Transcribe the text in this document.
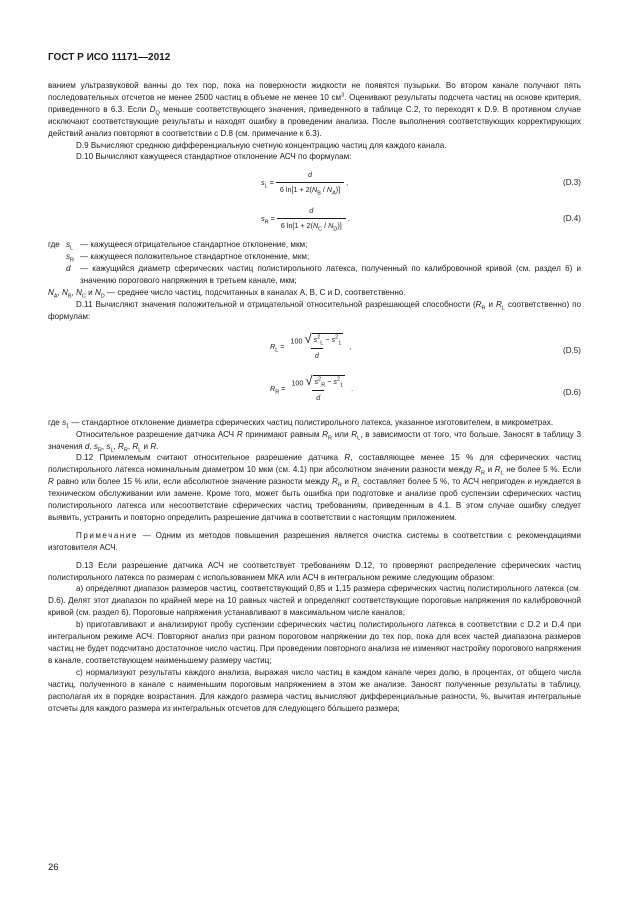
ГОСТ Р ИСО 11171—2012

ванием ультразвуковой ванны до тех пор, пока на поверхности жидкости не появятся пузырьки. Во втором канале получают пять последовательных отсчетов не менее 2500 частиц в объеме не менее 10 $см^3$. Оценивают результаты подсчета частиц на основе критерия, приведенного в 6.3. Если $D_Q$ меньше соответствующего значения, приведенного в таблице С.2, то переходят к D.9. В противном случае исключают соответствующие результаты и находят ошибку в проведении анализа. После выполнения соответствующих корректирующих действий анализ повторяют в соответствии с D.8 (см. примечание к 6.3).

D.9 Вычисляют среднюю дифференциальную счетную концентрацию частиц для каждого канала.

D.10 Вычисляют кажущееся стандартное отклонение АСЧ по формулам:

$s_L = \frac{d}{6 \ln[1 + 2(N_B / N_A)]}$ ,	(D.3)
$s_R = \frac{d}{6 \ln[1 + 2(N_C / N_D)]}$ .	(D.4)
где $s_L$ — кажущееся отрицательное стандартное отклонение, мкм;
$s_R$ — кажущееся положительное стандартное отклонение, мкм;
d	— кажущийся диаметр сферических частиц полистирольного латекса, полученный по калибровочной кривой (см. раздел 6) и значению порогового напряжения в третьем канале, мкм;

$N_A$, $N_B$, $N_C$ и $N_D$ — среднее число частиц, подсчитанных в каналах А, В, С и D, соответственно.

D.11 Вычисляют значения положительной и отрицательной относительной разрешающей способности ($R_R$ и $R_L$ соответственно) по формулам:

$R_L = \frac{100 √ s^2_L - s^2_1}{d}$ ,	(D.5)
$R_R = \frac{100 √ s^2_R - s^2_1}{d}$ .	(D.6)

где $s_1$ — стандартное отклонение диаметра сферических частиц полистирольного латекса, указанное изготовителем, в микрометрах.

Относительное разрешение датчика АСЧ R принимают равным $R_R$ или $R_L$, в зависимости от того, что больше. Заносят в таблицу 3 значения d, $s_R$, $s_L$, $R_R$, $R_L$ и R.

D.12 Приемлемым считают относительное разрешение датчика R, составляющее менее 15 % для сферических частиц полистирольного латекса номинальным диаметром 10 мкм (см. 4.1) при абсолютном значении разности между $R_R$ и $R_L$ не более 5 %. Если R равно или более 15 % или, если абсолютное значение разности между $R_R$ и $R_L$ составляет более 5 %, то АСЧ непригоден и нуждается в техническом обслуживании или замене. Кроме того, может быть ошибка при подготовке и анализе проб суспензии сферических частиц полистирольного латекса или несоответствие сферических частиц требованиям, приведенным в 4.1. В этом случае ошибку следует выявить, устранить и повторно определить разрешение датчика в соответствии с настоящим приложением.

Примечание — Одним из методов повышения разрешения является очистка системы в соответствии с рекомендациями изготовителя АСЧ.

D.13 Если разрешение датчика АСЧ не соответствует требованиям D.12, то проверяют распределение сферических частиц полистирольного латекса по размерам с использованием МКА или АСЧ в интегральном режиме следующим образом:

а) определяют диапазон размеров частиц, соответствующий 0,85 и 1,15 размера сферических частиц полистирольного латекса (см. D.6). Делят этот диапазон по крайней мере на 10 равных частей и определяют соответствующие пороговые напряжения по калибровочной кривой (см. раздел 6). Пороговые напряжения устанавливают в максимальном числе каналов;

b) приготавливают и анализируют пробу суспензии сферических частиц полистирольного латекса в соответствии с D.2 и D.4 при интегральном режиме АСЧ. Повторяют анализ при разном пороговом напряжении до тех пор, пока для всех частей диапазона размеров частиц не будет подсчитано достаточное число частиц. При проведении повторного анализа не изменяют настройку порогового напряжения в канале, соответствующем наименьшему размеру частиц;

с) нормализуют результаты каждого анализа, выражая число частиц в каждом канале через долю, в процентах, от общего числа частиц, полученного в канале с наименьшим пороговым напряжением в этом же анализе. Заносят полученные результаты в таблицу, располагая их в порядке возрастания. Для каждого размера частиц вычисляют дифференциальные разности, %, вычитая интегральные отсчеты для каждого размера из интегральных отсчетов для следующего бо́льшего размера;

26
